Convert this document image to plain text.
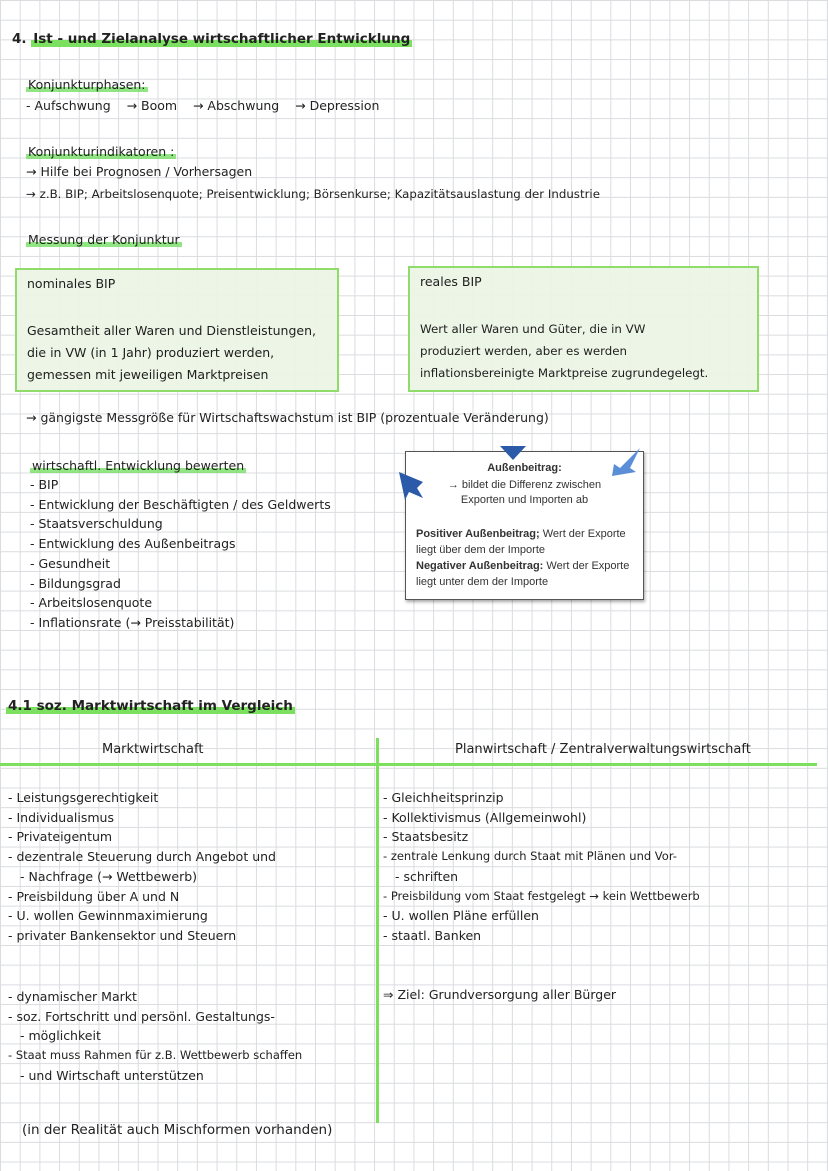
4. Ist - und Zielanalyse wirtschaftlicher Entwicklung
Konjunkturphasen:
- Aufschwung → Boom → Abschwung → Depression
Konjunkturindikatoren :
→ Hilfe bei Prognosen / Vorhersagen
→ z.B. BIP; Arbeitslosenquote; Preisentwicklung; Börsenkurse; Kapazitätsauslastung der Industrie
Messung der Konjunktur
nominales BIP
Gesamtheit aller Waren und Dienstleistungen,
die in VW (in 1 Jahr) produziert werden,
gemessen mit jeweiligen Marktpreisen
reales BIP
Wert aller Waren und Güter, die in VW
produziert werden, aber es werden
inflationsbereinigte Marktpreise zugrundegelegt.
→ gängigste Messgröße für Wirtschaftswachstum ist BIP (prozentuale Veränderung)
wirtschaftl. Entwicklung bewerten
- BIP
- Entwicklung der Beschäftigten / des Geldwerts
- Staatsverschuldung
- Entwicklung des Außenbeitrags
- Gesundheit
- Bildungsgrad
- Arbeitslosenquote
- Inflationsrate (→ Preisstabilität)
Außenbeitrag:
→ bildet die Differenz zwischen
Exporten und Importen ab
Positiver Außenbeitrag; Wert der Exporte liegt über dem der Importe
Negativer Außenbeitrag: Wert der Exporte liegt unter dem der Importe
4.1 soz. Marktwirtschaft im Vergleich
Marktwirtschaft	Planwirtschaft / Zentralverwaltungswirtschaft
- Leistungsgerechtigkeit
- Individualismus
- Privateigentum
- dezentrale Steuerung durch Angebot und
- Nachfrage (→ Wettbewerb)
- Preisbildung über A und N
- U. wollen Gewinnmaximierung
- privater Bankensektor und Steuern
- dynamischer Markt
- soz. Fortschritt und persönl. Gestaltungs-
- möglichkeit
- Staat muss Rahmen für z.B. Wettbewerb schaffen
- und Wirtschaft unterstützen
- Gleichheitsprinzip
- Kollektivismus (Allgemeinwohl)
- Staatsbesitz
- zentrale Lenkung durch Staat mit Plänen und Vor-
- schriften
- Preisbildung vom Staat festgelegt → kein Wettbewerb
- U. wollen Pläne erfüllen
- staatl. Banken
⇒ Ziel: Grundversorgung aller Bürger
(in der Realität auch Mischformen vorhanden)
